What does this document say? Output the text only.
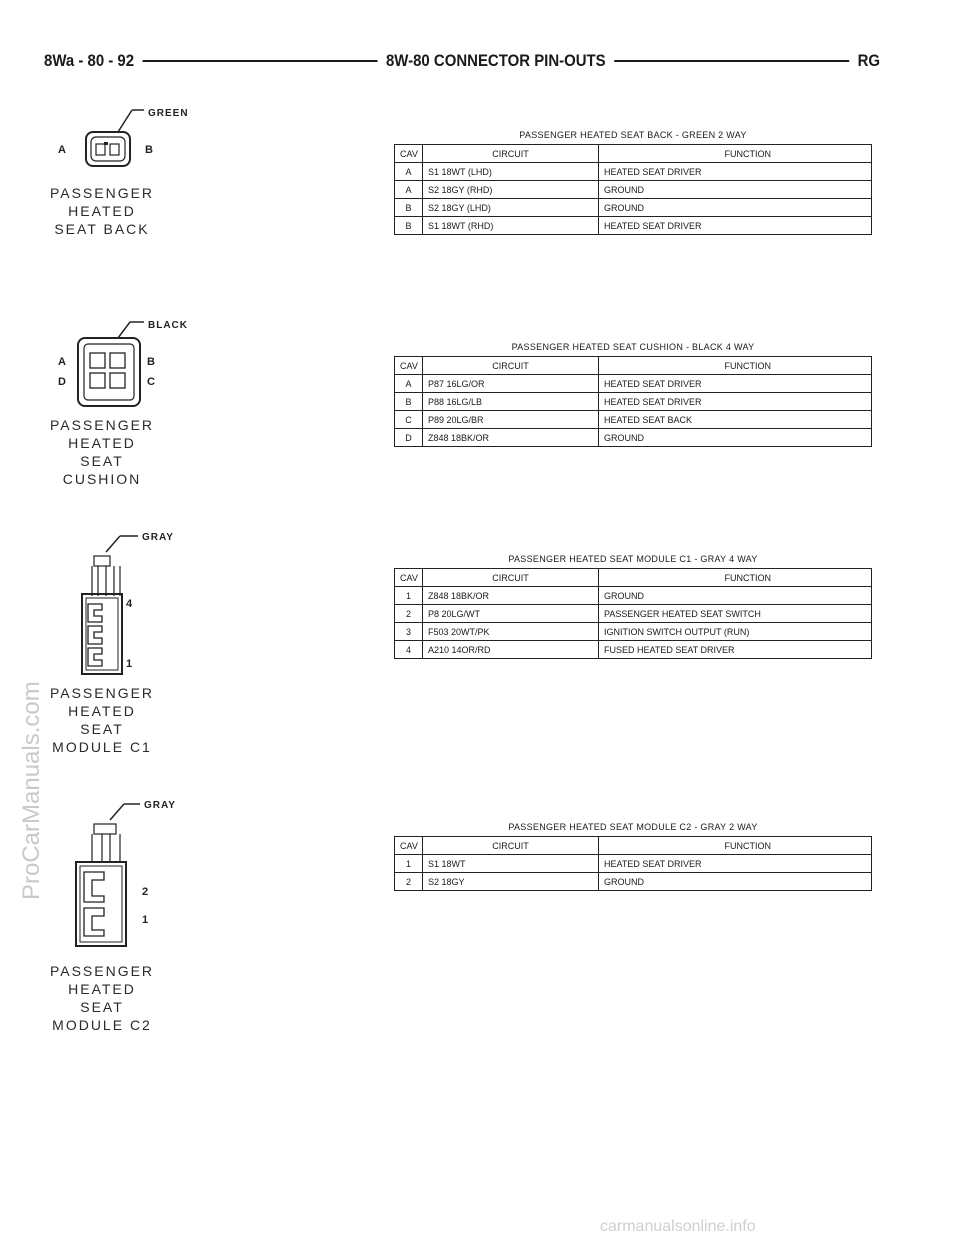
8Wa - 80 - 92	8W-80 CONNECTOR PIN-OUTS	RG
GREEN
A	B
PASSENGER
HEATED
SEAT BACK
PASSENGER HEATED SEAT BACK - GREEN 2 WAY
CAV	CIRCUIT	FUNCTION
A	S1 18WT (LHD)	HEATED SEAT DRIVER
A	S2 18GY (RHD)	GROUND
B	S2 18GY (LHD)	GROUND
B	S1 18WT (RHD)	HEATED SEAT DRIVER
BLACK
A	B
D	C
PASSENGER
HEATED
SEAT
CUSHION
PASSENGER HEATED SEAT CUSHION - BLACK 4 WAY
CAV	CIRCUIT	FUNCTION
A	P87 16LG/OR	HEATED SEAT DRIVER
B	P88 16LG/LB	HEATED SEAT DRIVER
C	P89 20LG/BR	HEATED SEAT BACK
D	Z848 18BK/OR	GROUND
GRAY
4
1
PASSENGER
HEATED
SEAT
MODULE C1
PASSENGER HEATED SEAT MODULE C1 - GRAY 4 WAY
CAV	CIRCUIT	FUNCTION
1	Z848 18BK/OR	GROUND
2	P8 20LG/WT	PASSENGER HEATED SEAT SWITCH
3	F503 20WT/PK	IGNITION SWITCH OUTPUT (RUN)
4	A210 14OR/RD	FUSED HEATED SEAT DRIVER
GRAY
2
1
PASSENGER
HEATED
SEAT
MODULE C2
PASSENGER HEATED SEAT MODULE C2 - GRAY 2 WAY
CAV	CIRCUIT	FUNCTION
1	S1 18WT	HEATED SEAT DRIVER
2	S2 18GY	GROUND
ProCarManuals.com
carmanualsonline.info
